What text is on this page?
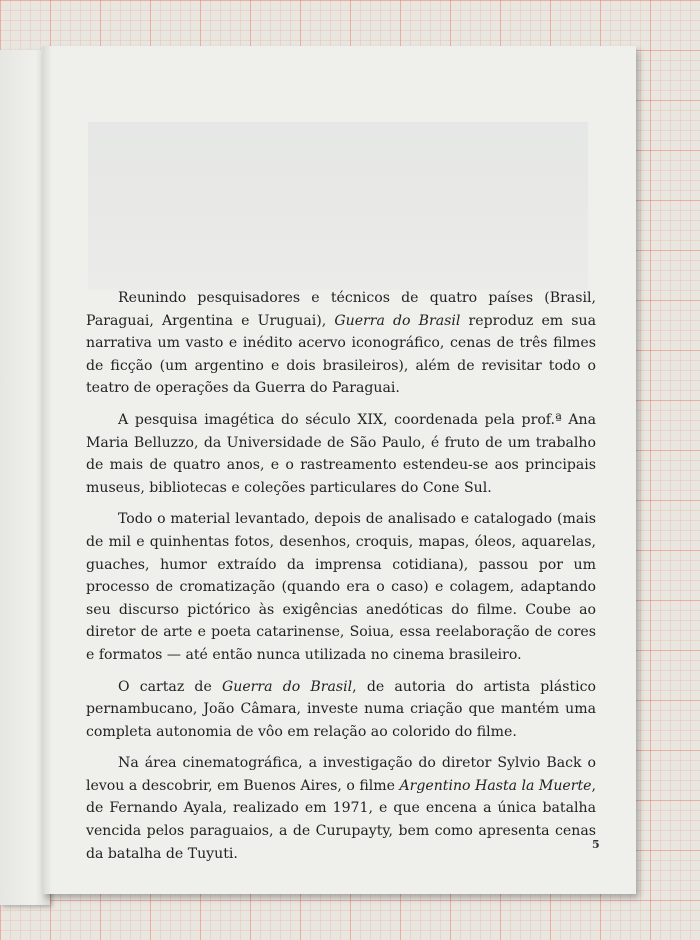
Reunindo pesquisadores e técnicos de quatro países (Brasil, Paraguai, Argentina e Uruguai), Guerra do Brasil reproduz em sua narrativa um vasto e inédito acervo iconográfico, cenas de três filmes de ficção (um argentino e dois brasileiros), além de revisitar todo o teatro de operações da Guerra do Paraguai.

A pesquisa imagética do século XIX, coordenada pela prof.ª Ana Maria Belluzzo, da Universidade de São Paulo, é fruto de um trabalho de mais de quatro anos, e o rastreamento estendeu-se aos principais museus, bibliotecas e coleções particulares do Cone Sul.

Todo o material levantado, depois de analisado e catalogado (mais de mil e quinhentas fotos, desenhos, croquis, mapas, óleos, aquarelas, guaches, humor extraído da imprensa cotidiana), passou por um processo de cromatização (quando era o caso) e colagem, adaptando seu discurso pictórico às exigências anedóticas do filme. Coube ao diretor de arte e poeta catarinense, Soiua, essa reelaboração de cores e formatos — até então nunca utilizada no cinema brasileiro.

O cartaz de Guerra do Brasil, de autoria do artista plástico pernambucano, João Câmara, investe numa criação que mantém uma completa autonomia de vôo em relação ao colorido do filme.

Na área cinematográfica, a investigação do diretor Sylvio Back o levou a descobrir, em Buenos Aires, o filme Argentino Hasta la Muerte, de Fernando Ayala, realizado em 1971, e que encena a única batalha vencida pelos paraguaios, a de Curupayty, bem como apresenta cenas da batalha de Tuyuti.

5
